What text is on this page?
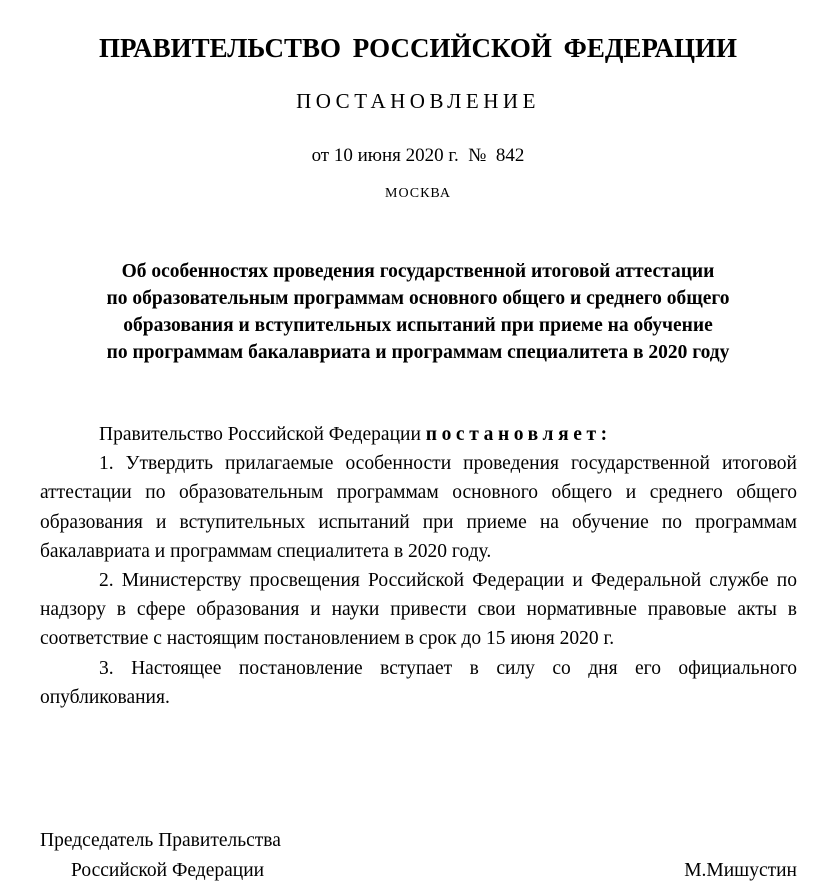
ПРАВИТЕЛЬСТВО РОССИЙСКОЙ ФЕДЕРАЦИИ
ПОСТАНОВЛЕНИЕ
от 10 июня 2020 г.  №  842
МОСКВА
Об особенностях проведения государственной итоговой аттестации
по образовательным программам основного общего и среднего общего
образования и вступительных испытаний при приеме на обучение
по программам бакалавриата и программам специалитета в 2020 году

Правительство Российской Федерации постановляет:

1. Утвердить прилагаемые особенности проведения государственной итоговой аттестации по образовательным программам основного общего и среднего общего образования и вступительных испытаний при приеме на обучение по программам бакалавриата и программам специалитета в 2020 году.

2. Министерству просвещения Российской Федерации и Федеральной службе по надзору в сфере образования и науки привести свои нормативные правовые акты в соответствие с настоящим постановлением в срок до 15 июня 2020 г.

3. Настоящее постановление вступает в силу со дня его официального опубликования.

Председатель Правительства
Российской Федерации	М.Мишустин
